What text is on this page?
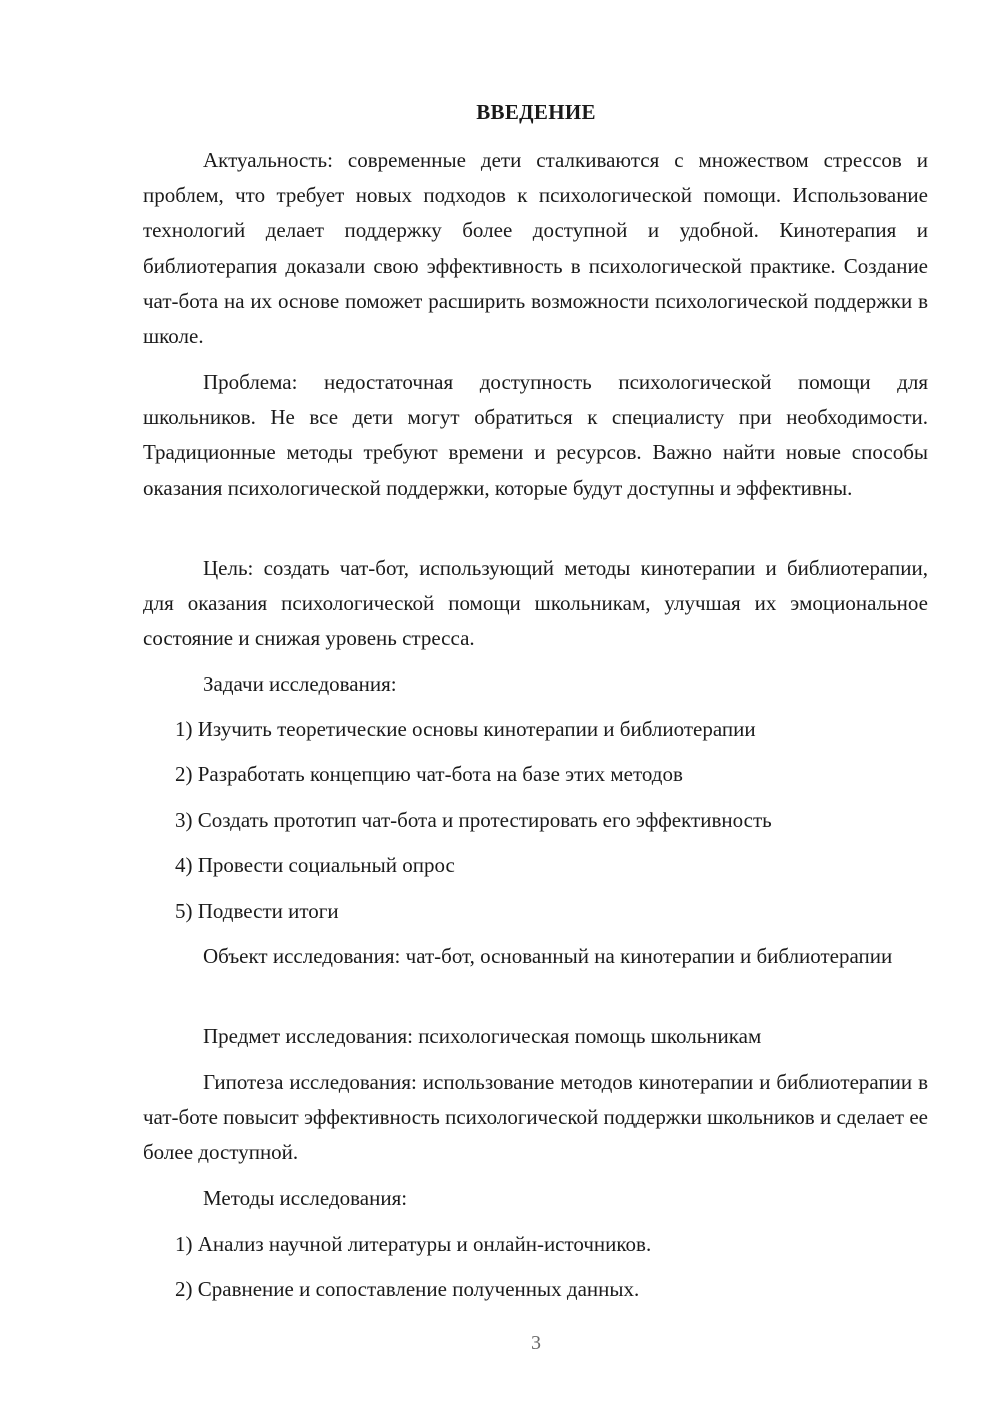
ВВЕДЕНИЕ

Актуальность: современные дети сталкиваются с множеством стрессов и проблем, что требует новых подходов к психологической помощи. Использование технологий делает поддержку более доступной и удобной. Кинотерапия и библиотерапия доказали свою эффективность в психологической практике. Создание чат-бота на их основе поможет расширить возможности психологической поддержки в школе.

Проблема: недостаточная доступность психологической помощи для школьников. Не все дети могут обратиться к специалисту при необходимости. Традиционные методы требуют времени и ресурсов. Важно найти новые способы оказания психологической поддержки, которые будут доступны и эффективны.

Цель: создать чат-бот, использующий методы кинотерапии и библиотерапии, для оказания психологической помощи школьникам, улучшая их эмоциональное состояние и снижая уровень стресса.

Задачи исследования:

1) Изучить теоретические основы кинотерапии и библиотерапии

2) Разработать концепцию чат-бота на базе этих методов

3) Создать прототип чат-бота и протестировать его эффективность

4) Провести социальный опрос

5) Подвести итоги

Объект исследования: чат-бот, основанный на кинотерапии и библиотерапии

Предмет исследования: психологическая помощь школьникам

Гипотеза исследования: использование методов кинотерапии и библиотерапии в чат-боте повысит эффективность психологической поддержки школьников и сделает ее более доступной.

Методы исследования:

1) Анализ научной литературы и онлайн-источников.

2) Сравнение и сопоставление полученных данных.

3
